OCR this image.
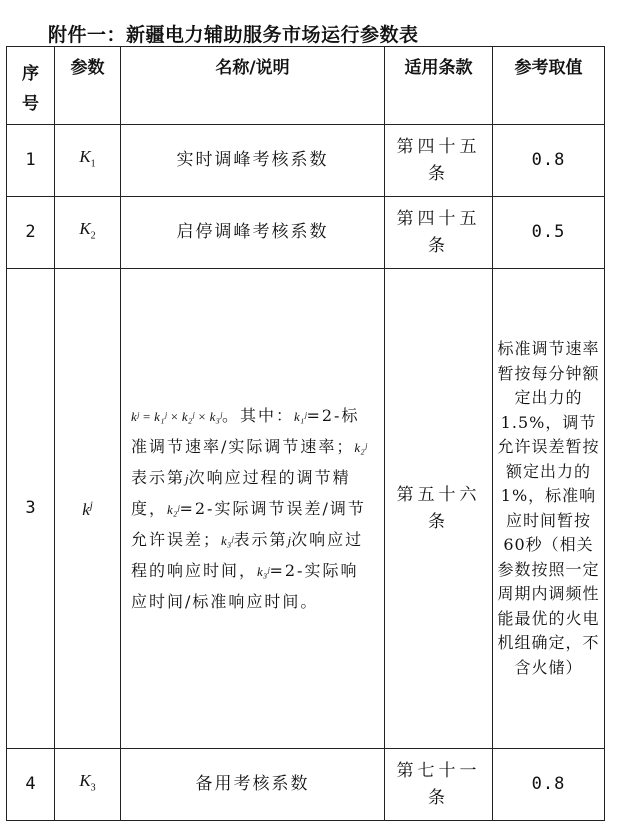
附件一：新疆电力辅助服务市场运行参数表
序号	参数	名称/说明	适用条款	参考取值

1	$K_1$	实时调峰考核系数	第四十五条	0.8
2	$K_2$	启停调峰考核系数	第四十五条	0.5
3	$k^j$	kʲ = k₁ʲ × k₂ʲ × k₃ʲ。其中：k₁ʲ=2-标准调节速率/实际调节速率；k₂ʲ表示第j次响应过程的调节精度，k₂ʲ=2-实际调节误差/调节允许误差；k₃ʲ表示第j次响应过程的响应时间，k₃ʲ=2-实际响应时间/标准响应时间。	第五十六条	标准调节速率暂按每分钟额定出力的1.5%，调节允许误差暂按额定出力的1%，标准响应时间暂按60秒（相关参数按照一定周期内调频性能最优的火电机组确定，不含火储）
4	$K_3$	备用考核系数	第七十一条	0.8
